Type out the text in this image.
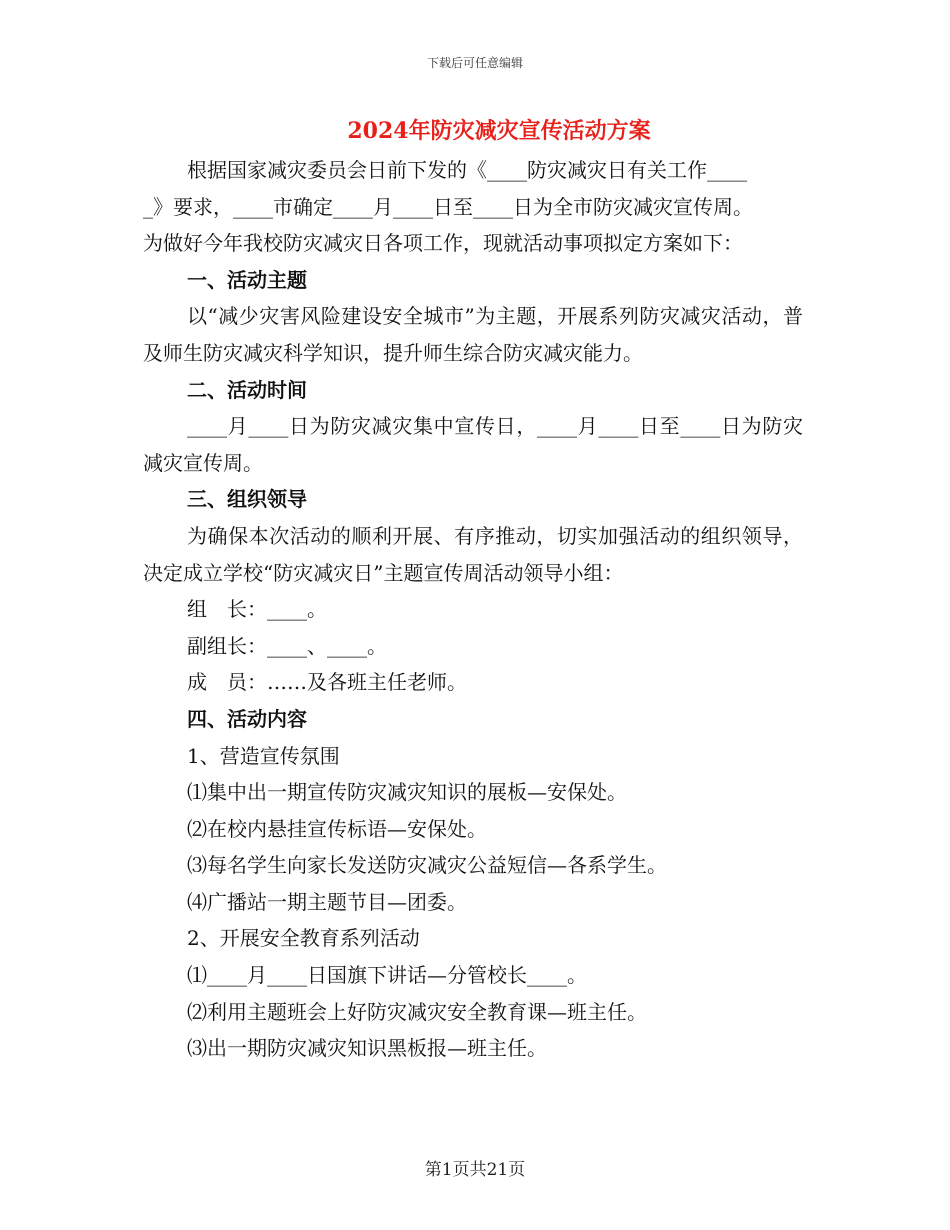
下载后可任意编辑
2024年防灾减灾宣传活动方案

根据国家减灾委员会日前下发的《____防灾减灾日有关工作____

_》要求，____市确定____月____日至____日为全市防灾减灾宣传周。

为做好今年我校防灾减灾日各项工作，现就活动事项拟定方案如下：

一、活动主题

以“减少灾害风险建设安全城市”为主题，开展系列防灾减灾活动，普及师生防灾减灾科学知识，提升师生综合防灾减灾能力。

二、活动时间

____月____日为防灾减灾集中宣传日，____月____日至____日为防灾减灾宣传周。

三、组织领导

为确保本次活动的顺利开展、有序推动，切实加强活动的组织领导，决定成立学校“防灾减灾日”主题宣传周活动领导小组：

组　长：____。

副组长：____、____。

成　员：……及各班主任老师。

四、活动内容

1、营造宣传氛围

⑴集中出一期宣传防灾减灾知识的展板—安保处。

⑵在校内悬挂宣传标语—安保处。

⑶每名学生向家长发送防灾减灾公益短信—各系学生。

⑷广播站一期主题节目—团委。

2、开展安全教育系列活动

⑴____月____日国旗下讲话—分管校长____。

⑵利用主题班会上好防灾减灾安全教育课—班主任。

⑶出一期防灾减灾知识黑板报—班主任。

第1页共21页
